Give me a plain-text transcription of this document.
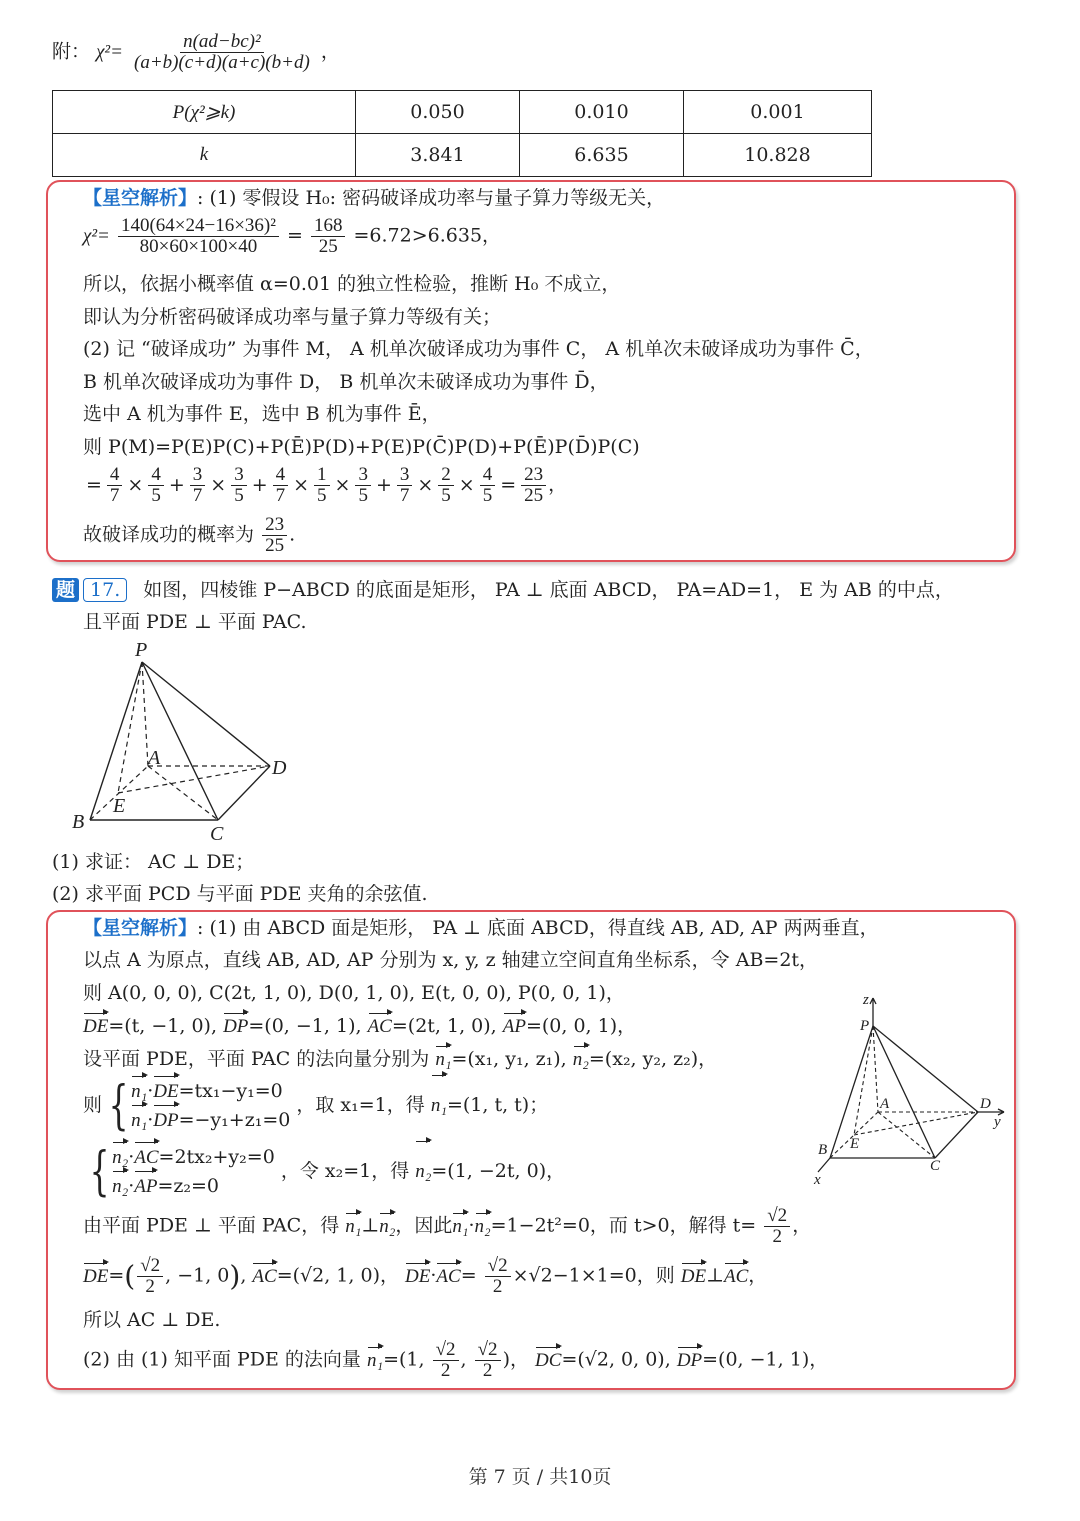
附： $\chi^2= \frac{\text{n(ad−bc)²}}{(a+b)(c+d)(a+c)(b+d)}$ ，
P(χ²⩾k)	0.050	0.010	0.001
k	3.841	6.635	10.828
【星空解析】: (1) 零假设 H₀: 密码破译成功率与量子算力等级无关，
$\chi^2= \frac{\text{140(64×24−16×36)²}}{80\times 60\times 100\times 40} = \frac{168}{25} =6.72>6.635$，
所以，依据小概率值 α=0.01 的独立性检验，推断 H₀ 不成立，
即认为分析密码破译成功率与量子算力等级有关；
(2) 记 “破译成功” 为事件 M， A 机单次破译成功为事件 C， A 机单次未破译成功为事件 C̄，
B 机单次破译成功为事件 D， B 机单次未破译成功为事件 D̄，
选中 A 机为事件 E，选中 B 机为事件 Ē，
则 P(M)=P(E)P(C)+P(Ē)P(D)+P(E)P(C̄)P(D)+P(Ē)P(D̄)P(C)
= $\frac{4}{7} \times \frac{4}{5} + \frac{3}{7} \times \frac{3}{5} + \frac{4}{7} \times \frac{1}{5} \times \frac{3}{5} + \frac{3}{7} \times \frac{2}{5} \times \frac{4}{5} = \frac{23}{25}$ ，
故破译成功的概率为 $\frac{23}{25}$ .
题 17. 如图，四棱锥 P−ABCD 的底面是矩形， PA ⊥ 底面 ABCD， PA=AD=1， E 为 AB 的中点，
且平面 PDE ⊥ 平面 PAC.
P
A	D
E
B
C
(1) 求证： AC ⊥ DE；
(2) 求平面 PCD 与平面 PDE 夹角的余弦值.
【星空解析】: (1) 由 ABCD 面是矩形， PA ⊥ 底面 ABCD，得直线 AB, AD, AP 两两垂直，
以点 A 为原点，直线 AB, AD, AP 分别为 x, y, z 轴建立空间直角坐标系，令 AB=2t，
则 A(0, 0, 0), C(2t, 1, 0), D(0, 1, 0), E(t, 0, 0), P(0, 0, 1)，
DE=(t, −1, 0), DP=(0, −1, 1), AC=(2t, 1, 0), AP=(0, 0, 1)，
设平面 PDE，平面 PAC 的法向量分别为 n₁=(x₁, y₁, z₁), n₂=(x₂, y₂, z₂)，
则 { n₁·DE=tx₁−y₁=0
n₁·DP=−y₁+z₁=0
，取 x₁=1，得 n₁=(1, t, t)；
{ n₂·AC=2tx₂+y₂=0
n₂·AP=z₂=0
，令 x₂=1，得 n₂=(1, −2t, 0)，
由平面 PDE ⊥ 平面 PAC，得 n₁⊥n₂，因此n₁·n₂=1−2t²=0，而 t>0，解得 $t= \frac{√2}{2}$ ，
$DE=( \frac{√2}{2}$ , −1, 0), AC=(√2, 1, 0)， $DE\cdot AC= \frac{√2}{2} \times√2-1\times 1=0$，则 DE⊥AC，
所以 AC ⊥ DE.
(2) 由 (1) 知平面 PDE 的法向量 n₁=(1, $\frac{√2}{2}$ , $\frac{√2}{2}$ )， DC=(√2, 0, 0), DP=(0, −1, 1)，
z
P
A	D
y
E
B
C
x
第 7 页 / 共10页
